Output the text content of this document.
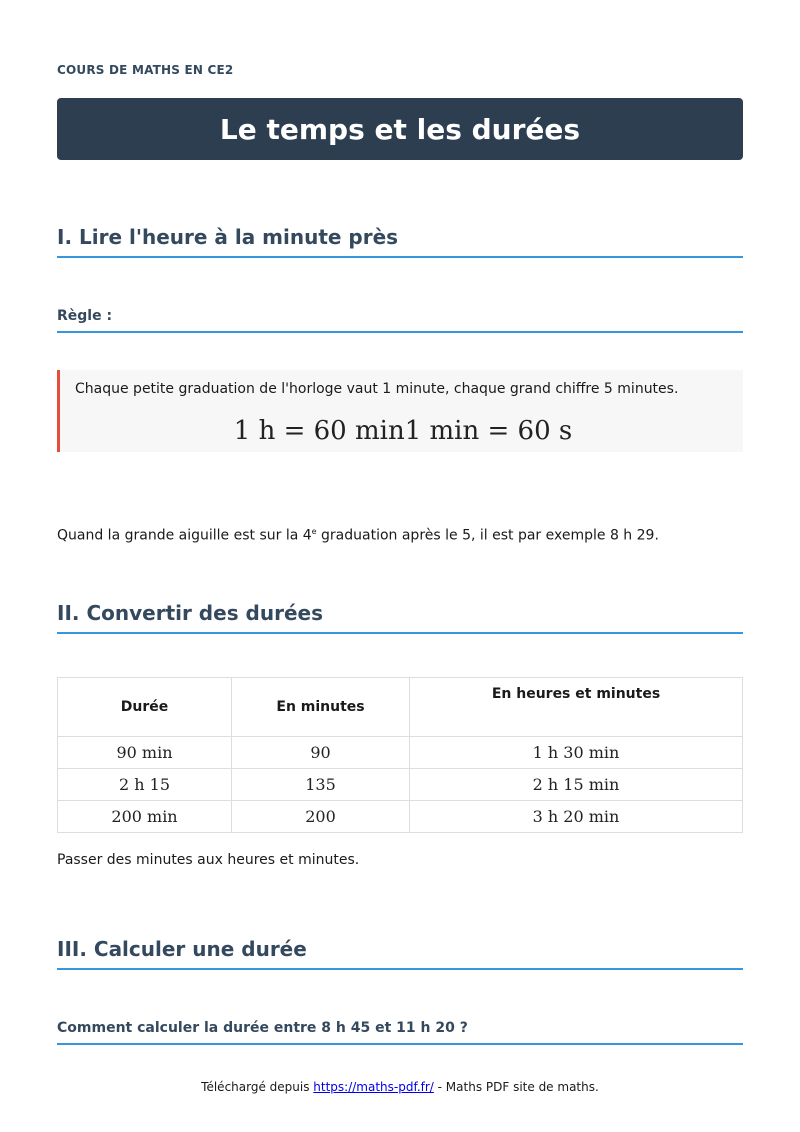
COURS DE MATHS EN CE2
Le temps et les durées
I. Lire l'heure à la minute près
Règle :

Chaque petite graduation de l'horloge vaut 1 minute, chaque grand chiffre 5 minutes.

1 h = 60 min1 min = 60 s

Quand la grande aiguille est sur la 4e graduation après le 5, il est par exemple 8 h 29.

II. Convertir des durées
Durée	En minutes	En heures et minutes
90 min	90	1 h 30 min
2 h 15	135	2 h 15 min
200 min	200	3 h 20 min

Passer des minutes aux heures et minutes.

III. Calculer une durée
Comment calculer la durée entre 8 h 45 et 11 h 20 ?
Téléchargé depuis https://maths-pdf.fr/ - Maths PDF site de maths.
